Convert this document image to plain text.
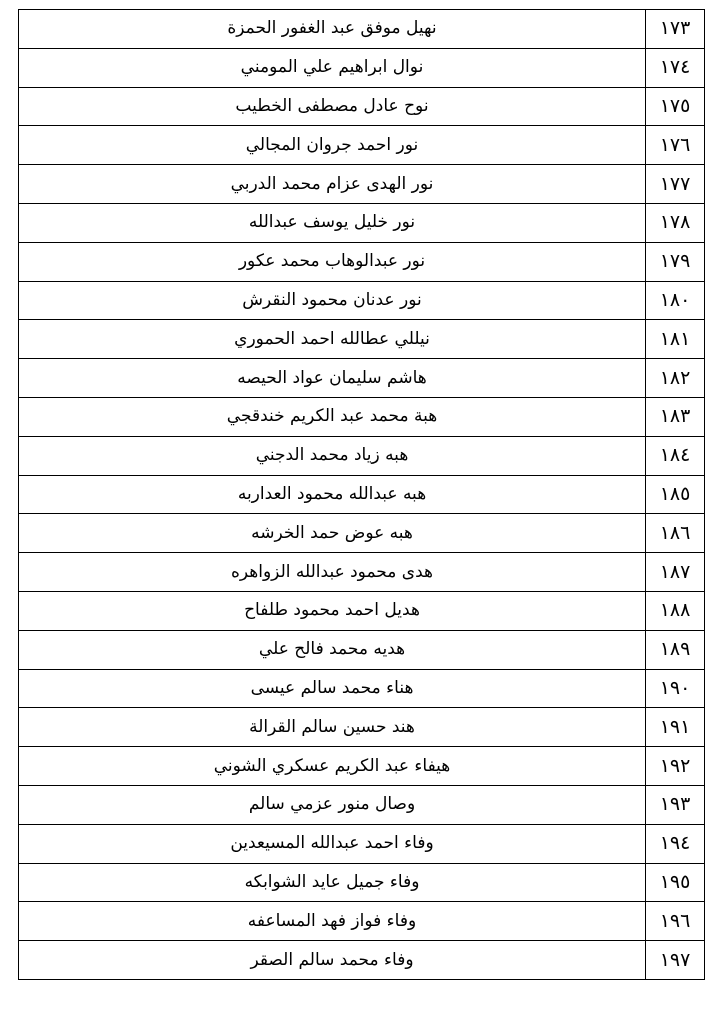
١٧٣	نهيل موفق عبد الغفور الحمزة
١٧٤	نوال ابراهيم علي المومني
١٧٥	نوح عادل مصطفى الخطيب
١٧٦	نور احمد جروان المجالي
١٧٧	نور الهدى عزام محمد الدربي
١٧٨	نور خليل يوسف عبدالله
١٧٩	نور عبدالوهاب محمد عكور
١٨٠	نور عدنان محمود النقرش
١٨١	نيللي عطالله احمد الحموري
١٨٢	هاشم سليمان عواد الحيصه
١٨٣	هبة محمد عبد الكريم خندقجي
١٨٤	هبه زياد محمد الدجني
١٨٥	هبه عبدالله محمود العداربه
١٨٦	هبه عوض حمد الخرشه
١٨٧	هدى محمود عبدالله الزواهره
١٨٨	هديل احمد محمود طلفاح
١٨٩	هديه محمد فالح علي
١٩٠	هناء محمد سالم عيسى
١٩١	هند حسين سالم القرالة
١٩٢	هيفاء عبد الكريم عسكري الشوني
١٩٣	وصال منور عزمي سالم
١٩٤	وفاء احمد عبدالله المسيعدين
١٩٥	وفاء جميل عايد الشوابكه
١٩٦	وفاء فواز فهد المساعفه
١٩٧	وفاء محمد سالم الصقر
